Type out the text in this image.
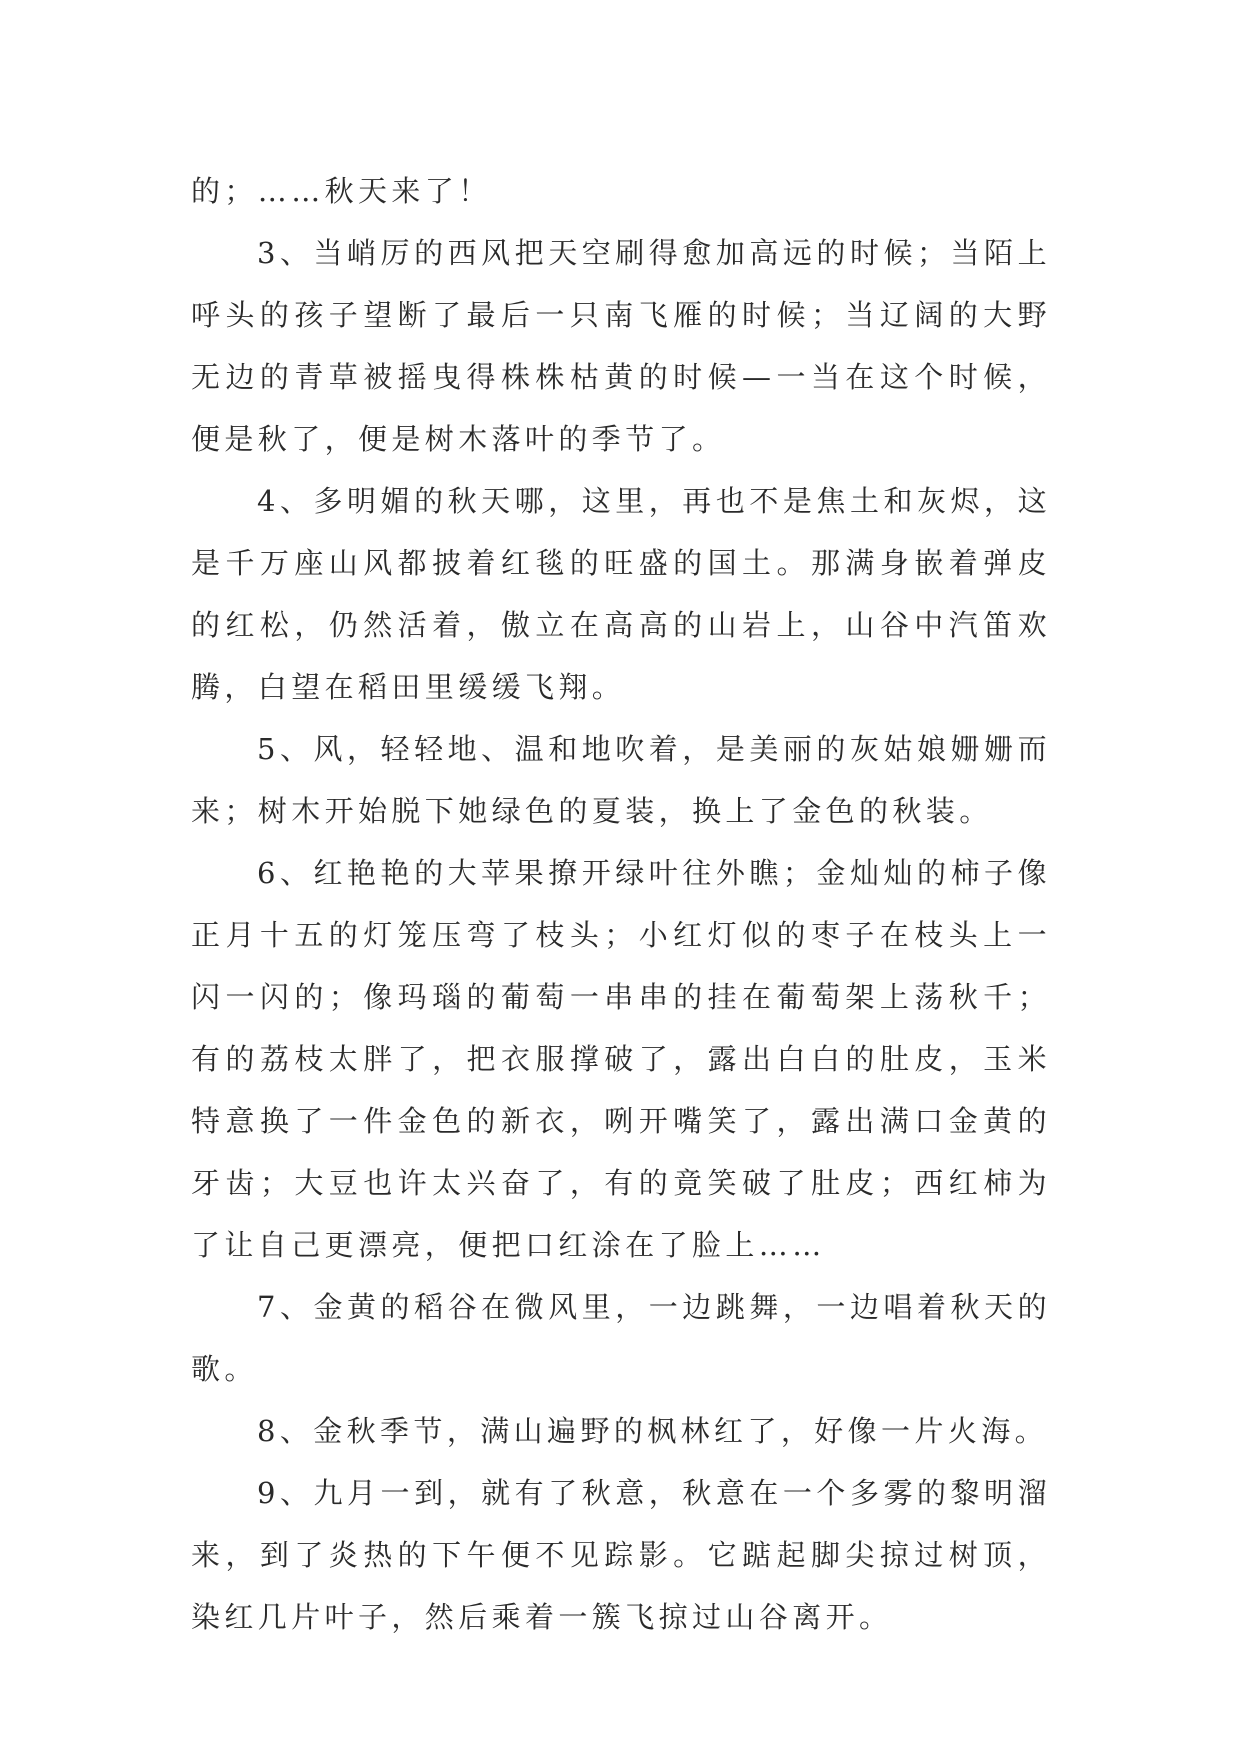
的；……秋天来了！

3、当峭厉的西风把天空刷得愈加高远的时候；当陌上呼头的孩子望断了最后一只南飞雁的时候；当辽阔的大野无边的青草被摇曳得株株枯黄的时候—一当在这个时候，便是秋了，便是树木落叶的季节了。

4、多明媚的秋天哪，这里，再也不是焦土和灰烬，这是千万座山风都披着红毯的旺盛的国土。那满身嵌着弹皮的红松，仍然活着，傲立在高高的山岩上，山谷中汽笛欢腾，白望在稻田里缓缓飞翔。

5、风，轻轻地、温和地吹着，是美丽的灰姑娘姗姗而来；树木开始脱下她绿色的夏装，换上了金色的秋装。

6、红艳艳的大苹果撩开绿叶往外瞧；金灿灿的柿子像正月十五的灯笼压弯了枝头；小红灯似的枣子在枝头上一闪一闪的；像玛瑙的葡萄一串串的挂在葡萄架上荡秋千；有的荔枝太胖了，把衣服撑破了，露出白白的肚皮，玉米特意换了一件金色的新衣，咧开嘴笑了，露出满口金黄的牙齿；大豆也许太兴奋了，有的竟笑破了肚皮；西红柿为了让自己更漂亮，便把口红涂在了脸上……

7、金黄的稻谷在微风里，一边跳舞，一边唱着秋天的歌。

8、金秋季节，满山遍野的枫林红了，好像一片火海。

9、九月一到，就有了秋意，秋意在一个多雾的黎明溜来，到了炎热的下午便不见踪影。它踮起脚尖掠过树顶，染红几片叶子，然后乘着一簇飞掠过山谷离开。
